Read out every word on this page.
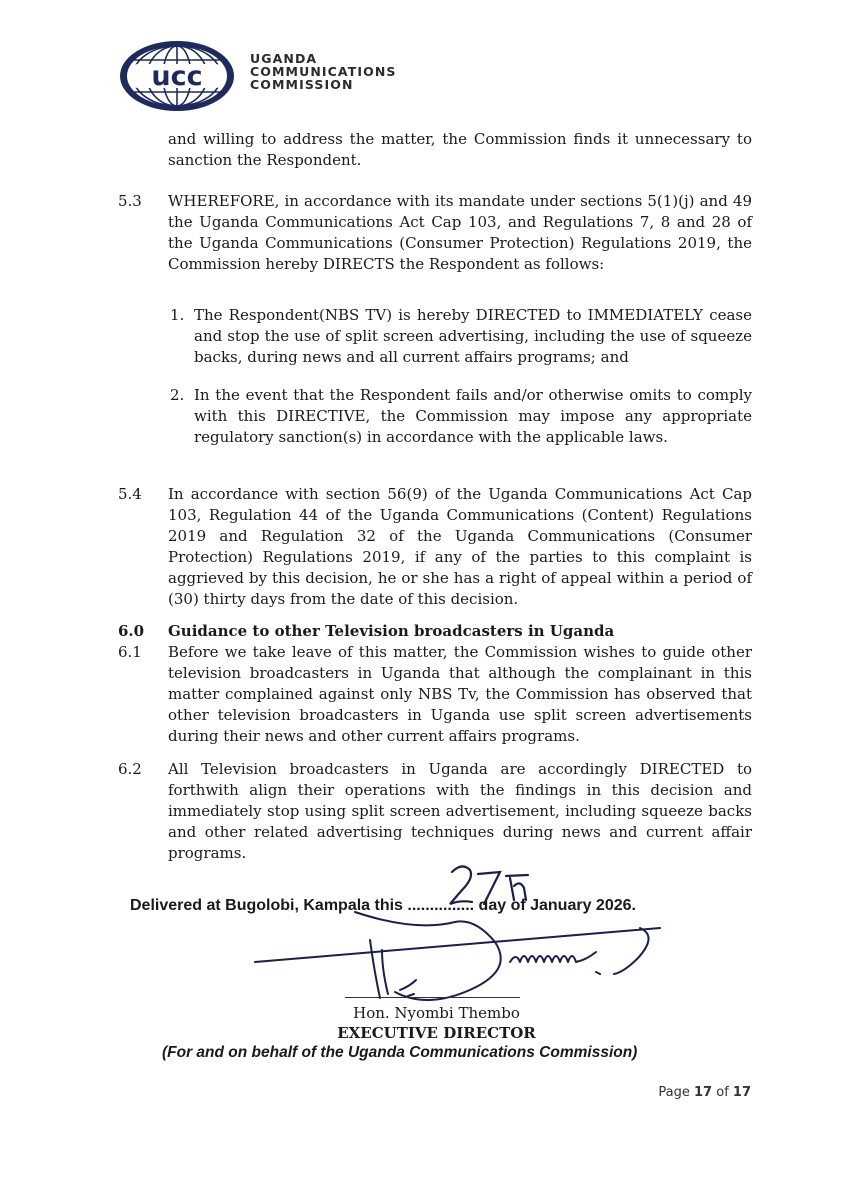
ucc
UGANDA
COMMUNICATIONS
COMMISSION
and willing to address the matter, the Commission finds it unnecessary to sanction the Respondent.
5.3 WHEREFORE, in accordance with its mandate under sections 5(1)(j) and 49 the Uganda Communications Act Cap 103, and Regulations 7, 8 and 28 of the Uganda Communications (Consumer Protection) Regulations 2019, the Commission hereby DIRECTS the Respondent as follows:
1. The Respondent(NBS TV) is hereby DIRECTED to IMMEDIATELY cease and stop the use of split screen advertising, including the use of squeeze backs, during news and all current affairs programs; and
2. In the event that the Respondent fails and/or otherwise omits to comply with this DIRECTIVE, the Commission may impose any appropriate regulatory sanction(s) in accordance with the applicable laws.
5.4 In accordance with section 56(9) of the Uganda Communications Act Cap 103, Regulation 44 of the Uganda Communications (Content) Regulations 2019 and Regulation 32 of the Uganda Communications (Consumer Protection) Regulations 2019, if any of the parties to this complaint is aggrieved by this decision, he or she has a right of appeal within a period of (30) thirty days from the date of this decision.
6.0 Guidance to other Television broadcasters in Uganda
6.1 Before we take leave of this matter, the Commission wishes to guide other television broadcasters in Uganda that although the complainant in this matter complained against only NBS Tv, the Commission has observed that other television broadcasters in Uganda use split screen advertisements during their news and other current affairs programs.
6.2 All Television broadcasters in Uganda are accordingly DIRECTED to forthwith align their operations with the findings in this decision and immediately stop using split screen advertisement, including squeeze backs and other related advertising techniques during news and current affair programs.
Delivered at Bugolobi, Kampala this ............... day of January 2026.
Hon. Nyombi Thembo
EXECUTIVE DIRECTOR
(For and on behalf of the Uganda Communications Commission)
Page 17 of 17
